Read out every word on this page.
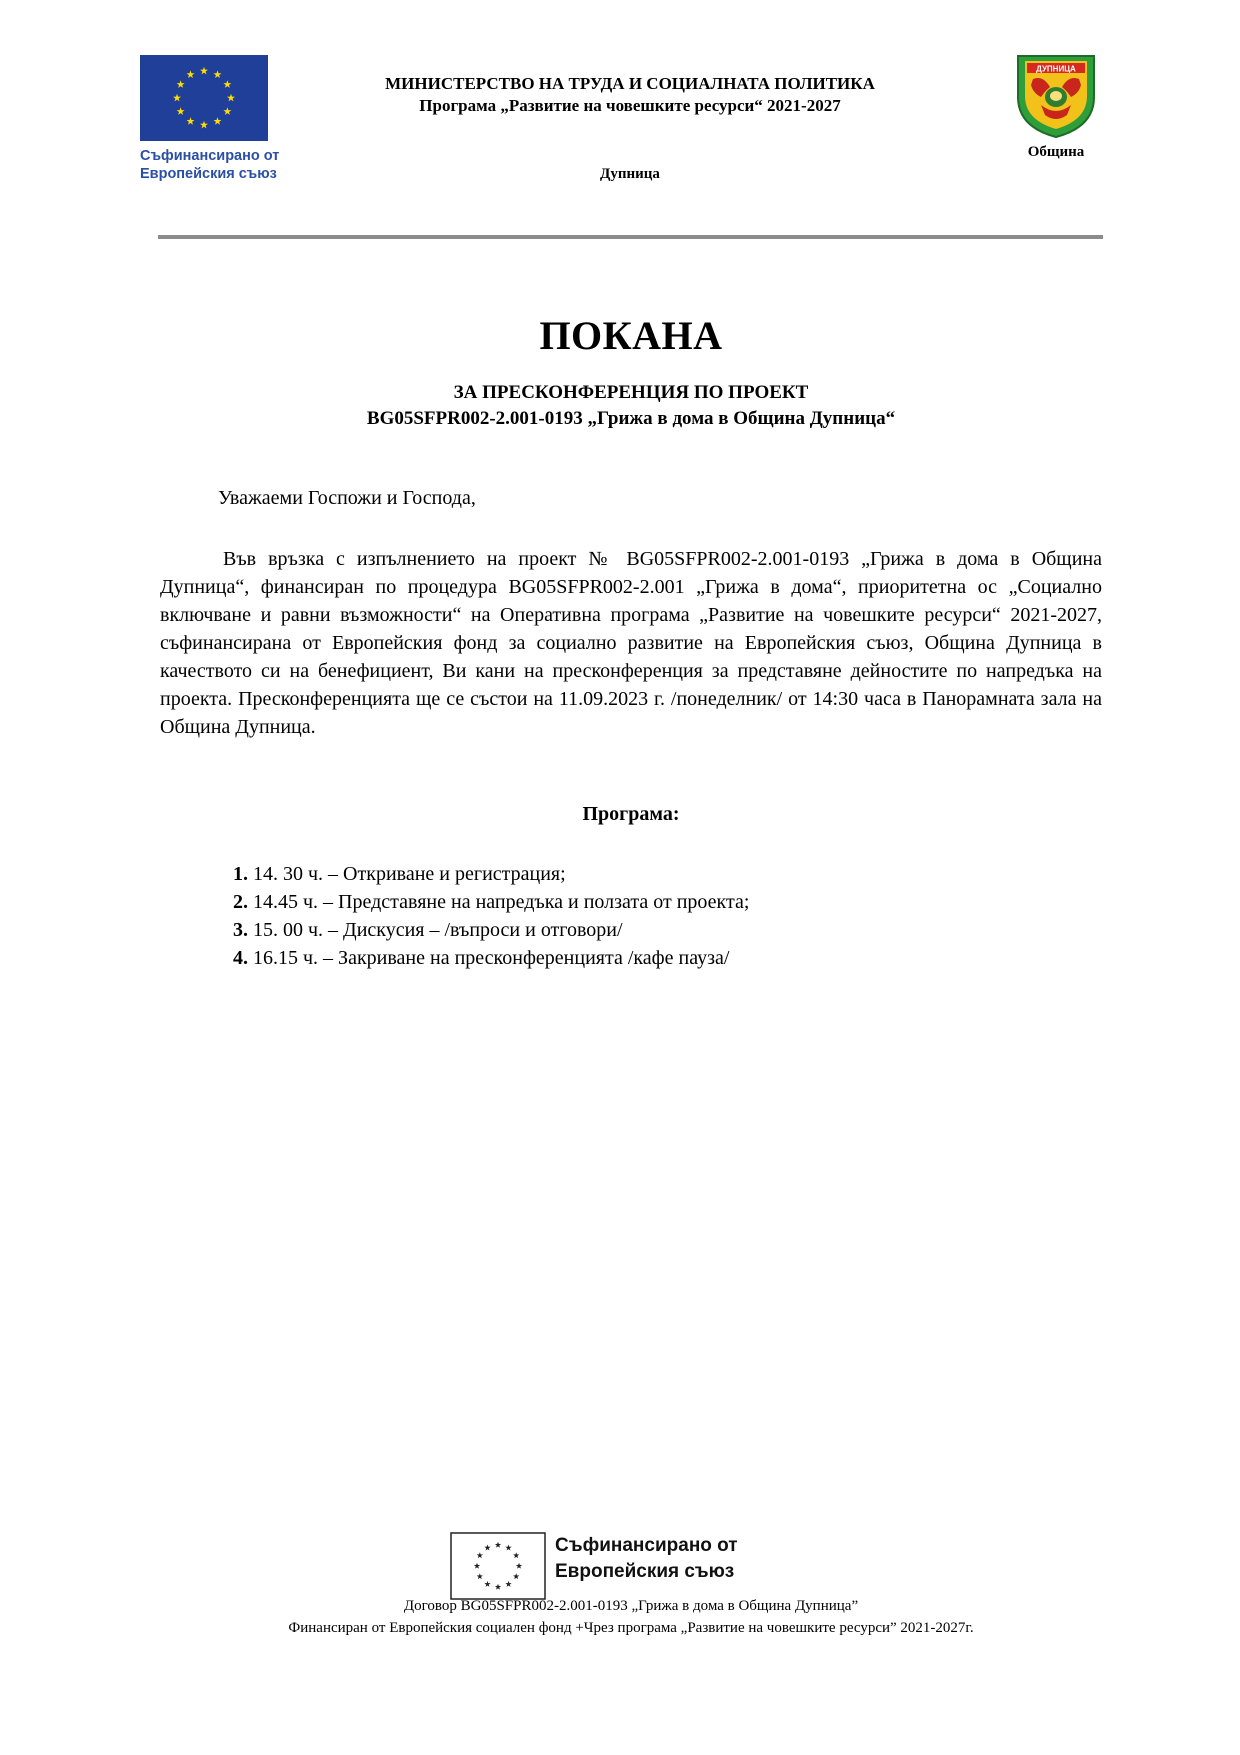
Съфинансирано от
Европейския съюз
МИНИСТЕРСТВО НА ТРУДА И СОЦИАЛНАТА ПОЛИТИКА
Програма „Развитие на човешките ресурси“ 2021-2027
Дупница
ДУПНИЦА
Община
ПОКАНА
ЗА ПРЕСКОНФЕРЕНЦИЯ ПО ПРОЕКТ
BG05SFPR002-2.001-0193 „Грижа в дома в Община Дупница“
Уважаеми Госпожи и Господа,
Във връзка с изпълнението на проект № BG05SFPR002-2.001-0193 „Грижа в дома в Община Дупница“, финансиран по процедура BG05SFPR002-2.001 „Грижа в дома“, приоритетна ос „Социално включване и равни възможности“ на Оперативна програма „Развитие на човешките ресурси“ 2021-2027, съфинансирана от Европейския фонд за социално развитие на Европейския съюз, Община Дупница в качеството си на бенефициент, Ви кани на пресконференция за представяне дейностите по напредъка на проекта. Пресконференцията ще се състои на 11.09.2023 г. /понеделник/ от 14:30 часа в Панорамната зала на Община Дупница.
Програма:
1. 14. 30 ч. – Откриване и регистрация;
2. 14.45 ч. – Представяне на напредъка и ползата от проекта;
3. 15. 00 ч. – Дискусия – /въпроси и отговори/
4. 16.15 ч. – Закриване на пресконференцията /кафе пауза/
Съфинансирано от
Европейския съюз
Договор BG05SFPR002-2.001-0193 „Грижа в дома в Община Дупница”
Финансиран от Европейския социален фонд +Чрез програма „Развитие на човешките ресурси” 2021-2027г.
